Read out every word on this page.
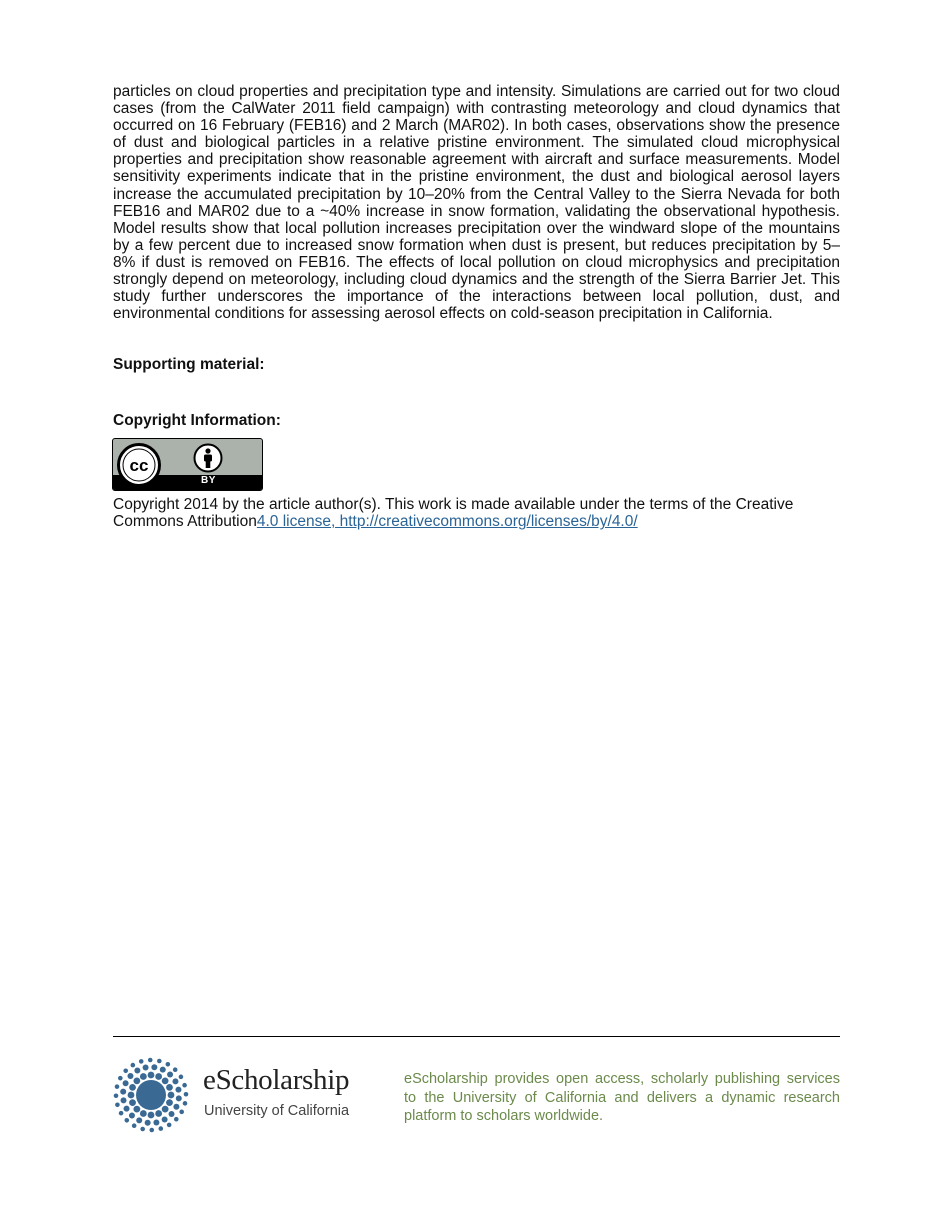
particles on cloud properties and precipitation type and intensity. Simulations are carried out for two cloud cases (from the CalWater 2011 field campaign) with contrasting meteorology and cloud dynamics that occurred on 16 February (FEB16) and 2 March (MAR02). In both cases, observations show the presence of dust and biological particles in a relative pristine environment. The simulated cloud microphysical properties and precipitation show reasonable agreement with aircraft and surface measurements. Model sensitivity experiments indicate that in the pristine environment, the dust and biological aerosol layers increase the accumulated precipitation by 10–20% from the Central Valley to the Sierra Nevada for both FEB16 and MAR02 due to a ~40% increase in snow formation, validating the observational hypothesis. Model results show that local pollution increases precipitation over the windward slope of the mountains by a few percent due to increased snow formation when dust is present, but reduces precipitation by 5–8% if dust is removed on FEB16. The effects of local pollution on cloud microphysics and precipitation strongly depend on meteorology, including cloud dynamics and the strength of the Sierra Barrier Jet. This study further underscores the importance of the interactions between local pollution, dust, and environmental conditions for assessing aerosol effects on cold-season precipitation in California.

Supporting material:

Copyright Information:

BY
cc

Copyright 2014 by the article author(s). This work is made available under the terms of the Creative Commons Attribution4.0 license, http://creativecommons.org/licenses/by/4.0/

eScholarship
University of California

eScholarship provides open access, scholarly publishing services to the University of California and delivers a dynamic research platform to scholars worldwide.
